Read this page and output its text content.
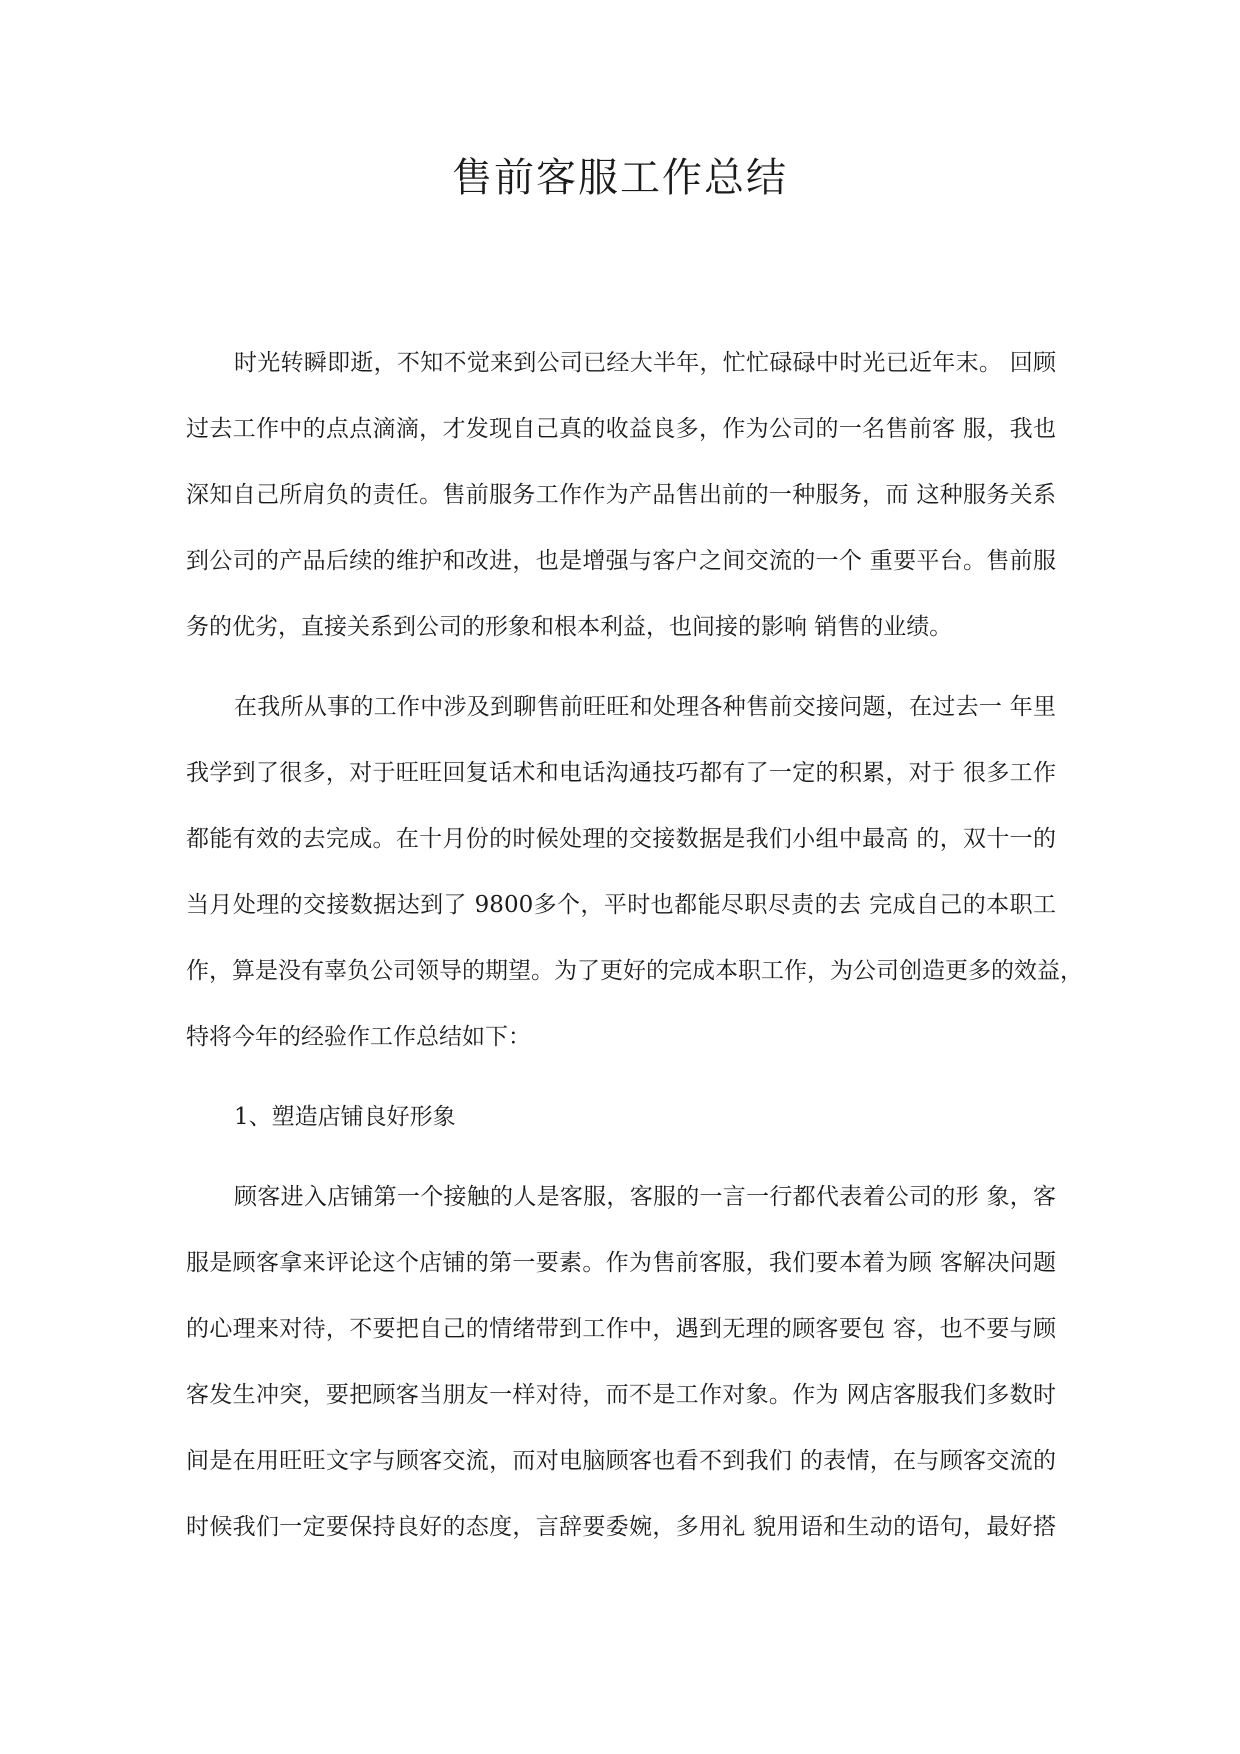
售前客服工作总结

时光转瞬即逝，不知不觉来到公司已经大半年，忙忙碌碌中时光已近年末。 回顾
过去工作中的点点滴滴，才发现自己真的收益良多，作为公司的一名售前客 服，我也
深知自己所肩负的责任。售前服务工作作为产品售出前的一种服务，而 这种服务关系
到公司的产品后续的维护和改进，也是增强与客户之间交流的一个 重要平台。售前服
务的优劣，直接关系到公司的形象和根本利益，也间接的影响 销售的业绩。

在我所从事的工作中涉及到聊售前旺旺和处理各种售前交接问题，在过去一 年里
我学到了很多，对于旺旺回复话术和电话沟通技巧都有了一定的积累，对于 很多工作
都能有效的去完成。在十月份的时候处理的交接数据是我们小组中最高 的，双十一的
当月处理的交接数据达到了 9800多个，平时也都能尽职尽责的去 完成自己的本职工
作，算是没有辜负公司领导的期望。为了更好的完成本职工作，为公司创造更多的效益，
特将今年的经验作工作总结如下：

1、塑造店铺良好形象

顾客进入店铺第一个接触的人是客服，客服的一言一行都代表着公司的形 象，客
服是顾客拿来评论这个店铺的第一要素。作为售前客服，我们要本着为顾 客解决问题
的心理来对待，不要把自己的情绪带到工作中，遇到无理的顾客要包 容，也不要与顾
客发生冲突，要把顾客当朋友一样对待，而不是工作对象。作为 网店客服我们多数时
间是在用旺旺文字与顾客交流，而对电脑顾客也看不到我们 的表情，在与顾客交流的
时候我们一定要保持良好的态度，言辞要委婉，多用礼 貌用语和生动的语句，最好搭
